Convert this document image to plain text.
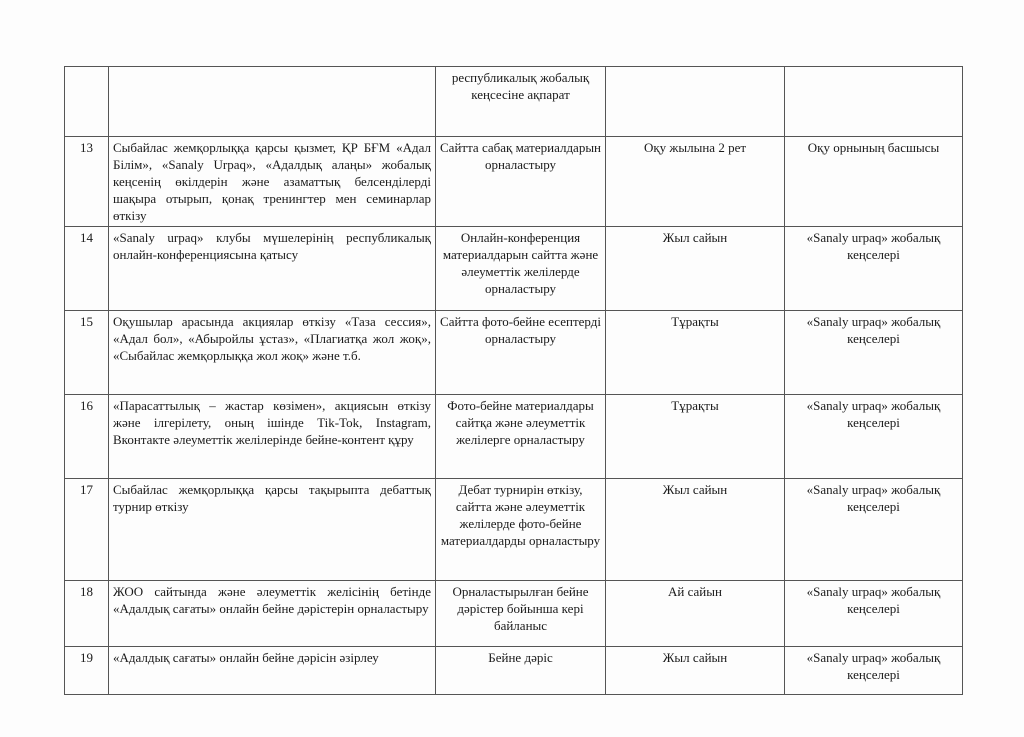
		республикалық жобалық кеңсесіне ақпарат		
13	Сыбайлас жемқорлыққа қарсы қызмет, ҚР БҒМ «Адал Білім», «Sanaly Urpaq», «Адалдық алаңы» жобалық кеңсенің өкілдерін және азаматтық белсенділерді шақыра отырып, қонақ тренингтер мен семинарлар өткізу	Сайтта сабақ материалдарын орналастыру	Оқу жылына 2 рет	Оқу орнының басшысы
14	«Sanaly urpaq» клубы мүшелерінің республикалық онлайн-конференциясына қатысу	Онлайн-конференция материалдарын сайтта және әлеуметтік желілерде орналастыру	Жыл сайын	«Sanaly urpaq» жобалық кеңселері
15	Оқушылар арасында акциялар өткізу «Таза сессия», «Адал бол», «Абыройлы ұстаз», «Плагиатқа жол жоқ», «Сыбайлас жемқорлыққа жол жоқ» және т.б.	Сайтта фото-бейне есептерді орналастыру	Тұрақты	«Sanaly urpaq» жобалық кеңселері
16	«Парасаттылық – жастар көзімен», акциясын өткізу және ілгерілету, оның ішінде Tik-Tok, Instagram, Вконтакте әлеуметтік желілерінде бейне-контент құру	Фото-бейне материалдары сайтқа және әлеуметтік желілерге орналастыру	Тұрақты	«Sanaly urpaq» жобалық кеңселері
17	Сыбайлас жемқорлыққа қарсы тақырыпта дебаттық турнир өткізу	Дебат турнирін өткізу, сайтта және әлеуметтік желілерде фото-бейне материалдарды орналастыру	Жыл сайын	«Sanaly urpaq» жобалық кеңселері
18	ЖОО сайтында және әлеуметтік желісінің бетінде «Адалдық сағаты» онлайн бейне дәрістерін орналастыру	Орналастырылған бейне дәрістер бойынша кері байланыс	Ай сайын	«Sanaly urpaq» жобалық кеңселері
19	«Адалдық сағаты» онлайн бейне дәрісін әзірлеу	Бейне дәріс	Жыл сайын	«Sanaly urpaq» жобалық кеңселері
